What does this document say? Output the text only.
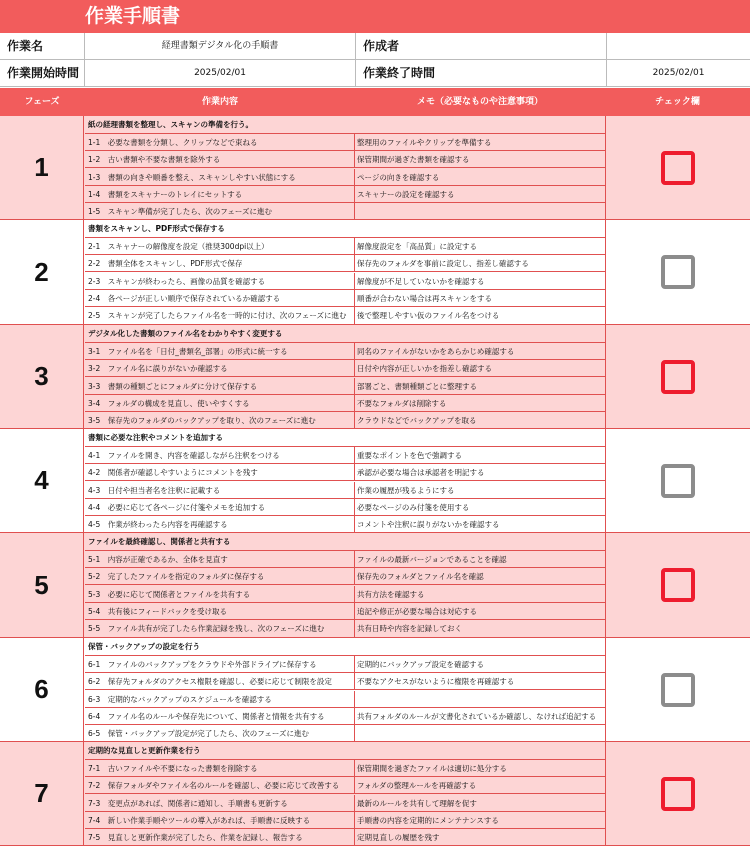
作業手順書
作業名	経理書類デジタル化の手順書	作成者
作業開始時間	2025/02/01	作業終了時間	2025/02/01
フェーズ	作業内容	メモ（必要なものや注意事項）	チェック欄
1
紙の経理書類を整理し、スキャンの準備を行う。
1-1　必要な書類を分類し、クリップなどで束ねる	整理用のファイルやクリップを準備する
1-2　古い書類や不要な書類を除外する	保管期間が過ぎた書類を確認する
1-3　書類の向きや順番を整え、スキャンしやすい状態にする	ページの向きを確認する
1-4　書類をスキャナーのトレイにセットする	スキャナーの設定を確認する
1-5　スキャン準備が完了したら、次のフェーズに進む
2
書類をスキャンし、PDF形式で保存する
2-1　スキャナーの解像度を設定（推奨300dpi以上）	解像度設定を「高品質」に設定する
2-2　書類全体をスキャンし、PDF形式で保存	保存先のフォルダを事前に設定し、指差し確認する
2-3　スキャンが終わったら、画像の品質を確認する	解像度が不足していないかを確認する
2-4　各ページが正しい順序で保存されているか確認する	順番が合わない場合は再スキャンをする
2-5　スキャンが完了したらファイル名を一時的に付け、次のフェーズに進む	後で整理しやすい仮のファイル名をつける
3
デジタル化した書類のファイル名をわかりやすく変更する
3-1　ファイル名を「日付_書類名_部署」の形式に統一する	同名のファイルがないかをあらかじめ確認する
3-2　ファイル名に誤りがないか確認する	日付や内容が正しいかを指差し確認する
3-3　書類の種類ごとにフォルダに分けて保存する	部署ごと、書類種類ごとに整理する
3-4　フォルダの構成を見直し、使いやすくする	不要なフォルダは削除する
3-5　保存先のフォルダのバックアップを取り、次のフェーズに進む	クラウドなどでバックアップを取る
4
書類に必要な注釈やコメントを追加する
4-1　ファイルを開き、内容を確認しながら注釈をつける	重要なポイントを色で強調する
4-2　関係者が確認しやすいようにコメントを残す	承認が必要な場合は承認者を明記する
4-3　日付や担当者名を注釈に記載する	作業の履歴が残るようにする
4-4　必要に応じて各ページに付箋やメモを追加する	必要なページのみ付箋を使用する
4-5　作業が終わったら内容を再確認する	コメントや注釈に誤りがないかを確認する
5
ファイルを最終確認し、関係者と共有する
5-1　内容が正確であるか、全体を見直す	ファイルの最新バージョンであることを確認
5-2　完了したファイルを指定のフォルダに保存する	保存先のフォルダとファイル名を確認
5-3　必要に応じて関係者とファイルを共有する	共有方法を確認する
5-4　共有後にフィードバックを受け取る	追記や修正が必要な場合は対応する
5-5　ファイル共有が完了したら作業記録を残し、次のフェーズに進む	共有日時や内容を記録しておく
6
保管・バックアップの設定を行う
6-1　ファイルのバックアップをクラウドや外部ドライブに保存する	定期的にバックアップ設定を確認する
6-2　保存先フォルダのアクセス権限を確認し、必要に応じて制限を設定	不要なアクセスがないように権限を再確認する
6-3　定期的なバックアップのスケジュールを確認する
6-4　ファイル名のルールや保存先について、関係者と情報を共有する	共有フォルダのルールが文書化されているか確認し、なければ追記する
6-5　保管・バックアップ設定が完了したら、次のフェーズに進む
7
定期的な見直しと更新作業を行う
7-1　古いファイルや不要になった書類を削除する	保管期間を過ぎたファイルは適切に処分する
7-2　保存フォルダやファイル名のルールを確認し、必要に応じて改善する	フォルダの整理ルールを再確認する
7-3　変更点があれば、関係者に通知し、手順書も更新する	最新のルールを共有して理解を促す
7-4　新しい作業手順やツールの導入があれば、手順書に反映する	手順書の内容を定期的にメンテナンスする
7-5　見直しと更新作業が完了したら、作業を記録し、報告する	定期見直しの履歴を残す
